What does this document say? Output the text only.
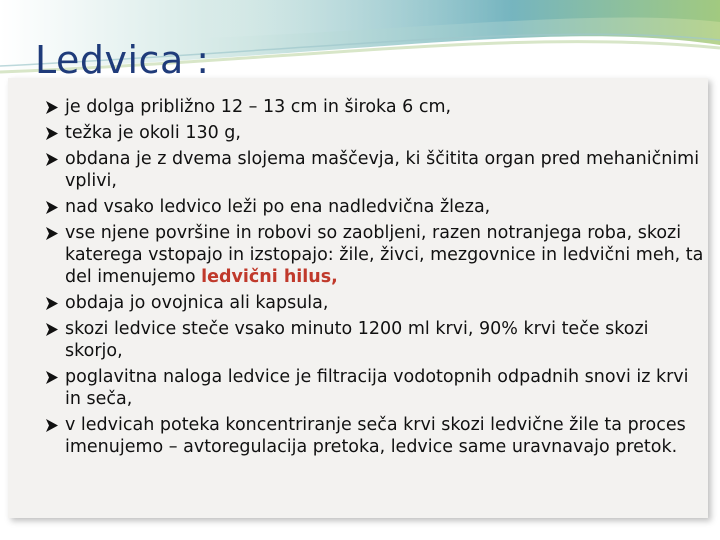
Ledvica :
je dolga približno 12 – 13 cm in široka 6 cm,
težka je okoli 130 g,
obdana je z dvema slojema maščevja, ki ščitita organ pred mehaničnimi vplivi,
nad vsako ledvico leži po ena nadledvična žleza,
vse njene površine in robovi so zaobljeni, razen notranjega roba, skozi katerega vstopajo in izstopajo: žile, živci, mezgovnice in ledvični meh, ta del imenujemo ledvični hilus,
obdaja jo ovojnica ali kapsula,
skozi ledvice steče vsako minuto 1200 ml krvi, 90% krvi teče skozi skorjo,
poglavitna naloga ledvice je filtracija vodotopnih odpadnih snovi iz krvi in seča,
v ledvicah poteka koncentriranje seča krvi skozi ledvične žile ta proces imenujemo – avtoregulacija pretoka, ledvice same uravnavajo pretok.
